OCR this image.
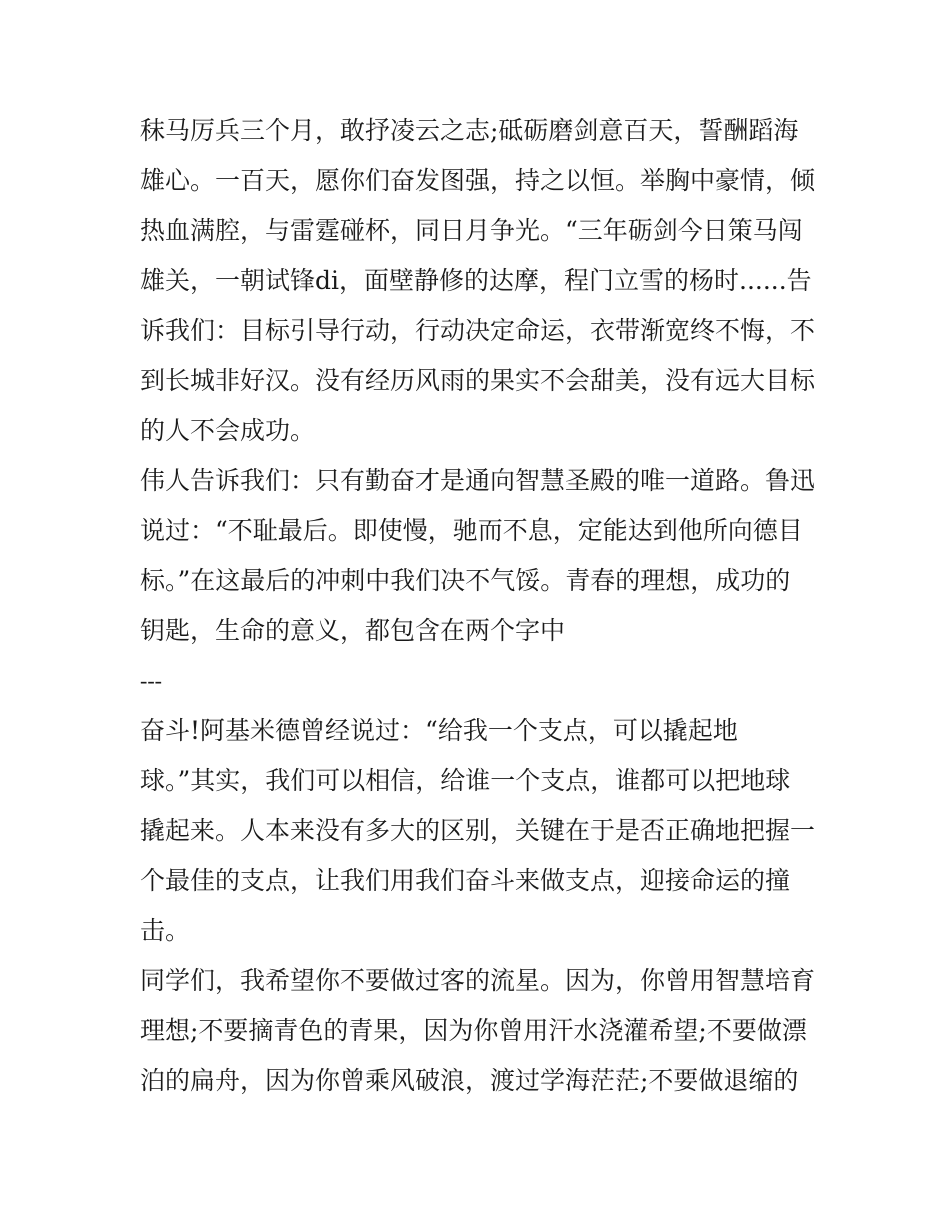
秣马厉兵三个月，敢抒凌云之志;砥砺磨剑意百天，誓酬蹈海
雄心。一百天，愿你们奋发图强，持之以恒。举胸中豪情，倾
热血满腔，与雷霆碰杯，同日月争光。“三年砺剑今日策马闯
雄关，一朝试锋di，面壁静修的达摩，程门立雪的杨时......告
诉我们：目标引导行动，行动决定命运，衣带渐宽终不悔，不
到长城非好汉。没有经历风雨的果实不会甜美，没有远大目标
的人不会成功。
伟人告诉我们：只有勤奋才是通向智慧圣殿的唯一道路。鲁迅
说过：“不耻最后。即使慢，驰而不息，定能达到他所向德目
标。”在这最后的冲刺中我们决不气馁。青春的理想，成功的
钥匙，生命的意义，都包含在两个字中
---
奋斗!阿基米德曾经说过：“给我一个支点，可以撬起地
球。”其实，我们可以相信，给谁一个支点，谁都可以把地球
撬起来。人本来没有多大的区别，关键在于是否正确地把握一
个最佳的支点，让我们用我们奋斗来做支点，迎接命运的撞
击。
同学们，我希望你不要做过客的流星。因为，你曾用智慧培育
理想;不要摘青色的青果，因为你曾用汗水浇灌希望;不要做漂
泊的扁舟，因为你曾乘风破浪，渡过学海茫茫;不要做退缩的
